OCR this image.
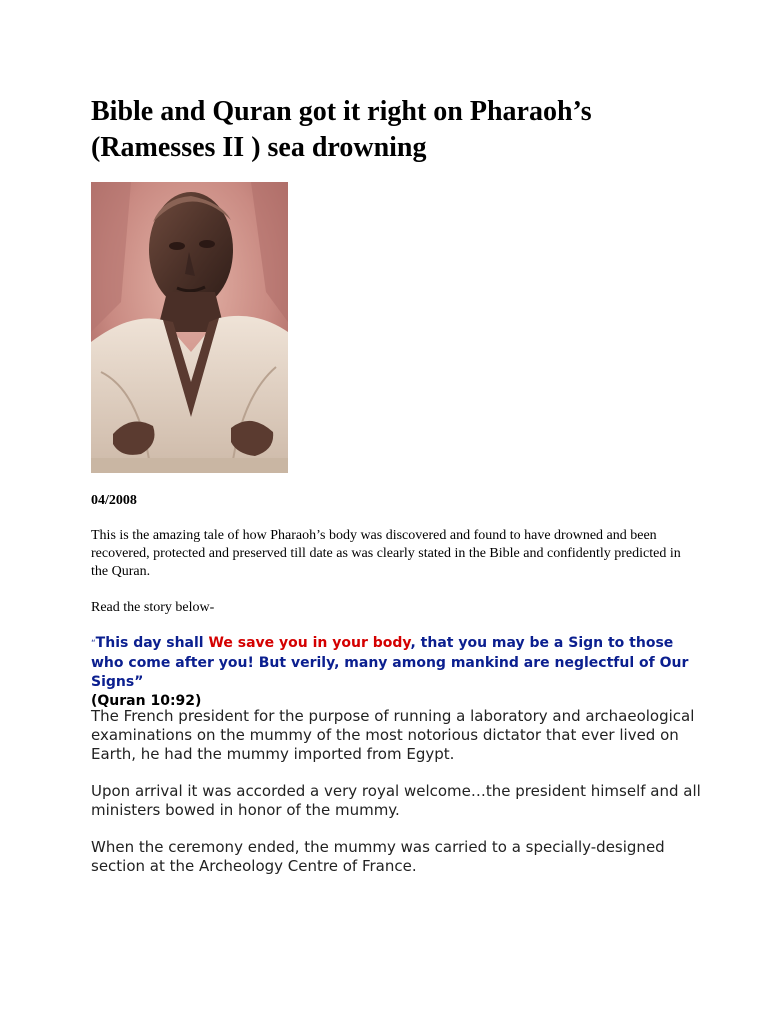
Bible and Quran got it right on Pharaoh’s (Ramesses II ) sea drowning
04/2008

This is the amazing tale of how Pharaoh’s body was discovered and found to have drowned and been recovered, protected and preserved till date as was clearly stated in the Bible and confidently predicted in the Quran.

Read the story below-

“This day shall We save you in your body, that you may be a Sign to those who come after you! But verily, many among mankind are neglectful of Our Signs”
(Quran 10:92)

The French president for the purpose of running a laboratory and archaeological examinations on the mummy of the most notorious dictator that ever lived on Earth, he had the mummy imported from Egypt.

Upon arrival it was accorded a very royal welcome…the president himself and all ministers bowed in honor of the mummy.

When the ceremony ended, the mummy was carried to a specially-designed section at the Archeology Centre of France.
